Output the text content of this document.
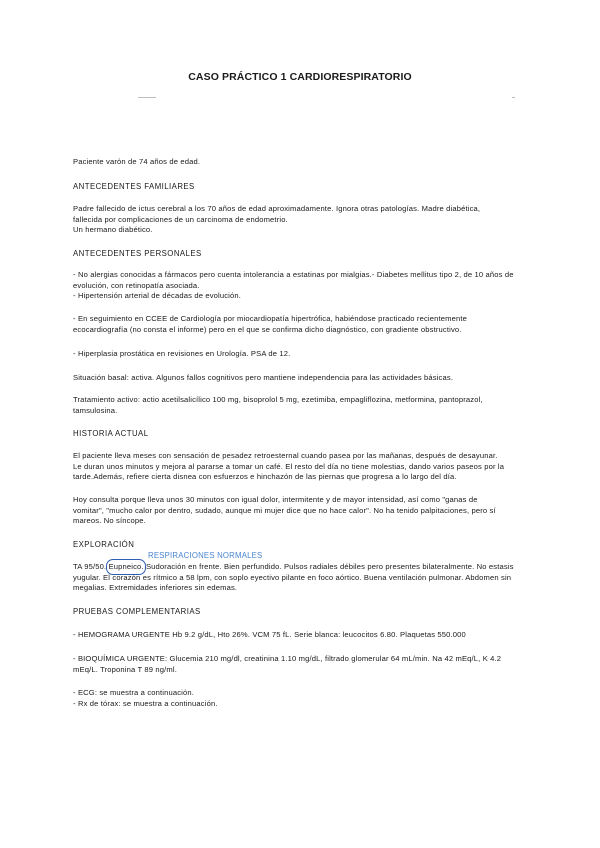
CASO PRÁCTICO 1 CARDIORESPIRATORIO
Paciente varón de 74 años de edad.
ANTECEDENTES FAMILIARES
Padre fallecido de ictus cerebral a los 70 años de edad aproximadamente. Ignora otras patologías. Madre diabética,
fallecida por complicaciones de un carcinoma de endometrio.
Un hermano diabético.
ANTECEDENTES PERSONALES
- No alergias conocidas a fármacos pero cuenta intolerancia a estatinas por mialgias.- Diabetes mellitus tipo 2, de 10 años de
evolución, con retinopatía asociada.
- Hipertensión arterial de décadas de evolución.
- En seguimiento en CCEE de Cardiología por miocardiopatía hipertrófica, habiéndose practicado recientemente
ecocardiografía (no consta el informe) pero en el que se confirma dicho diagnóstico, con gradiente obstructivo.
- Hiperplasia prostática en revisiones en Urología. PSA de 12.
Situación basal: activa. Algunos fallos cognitivos pero mantiene independencia para las actividades básicas.
Tratamiento activo: actio acetilsalicílico 100 mg, bisoprolol 5 mg, ezetimiba, empagliflozina, metformina, pantoprazol,
tamsulosina.
HISTORIA ACTUAL
El paciente lleva meses con sensación de pesadez retroesternal cuando pasea por las mañanas, después de desayunar.
Le duran unos minutos y mejora al pararse a tomar un café. El resto del día no tiene molestias, dando varios paseos por la
tarde.Además, refiere cierta disnea con esfuerzos e hinchazón de las piernas que progresa a lo largo del día.
Hoy consulta porque lleva unos 30 minutos con igual dolor, intermitente y de mayor intensidad, así como "ganas de
vomitar", "mucho calor por dentro, sudado, aunque mi mujer dice que no hace calor". No ha tenido palpitaciones, pero sí
mareos. No síncope.
EXPLORACIÓN
RESPIRACIONES NORMALES
TA 95/50. Eupneico. Sudoración en frente. Bien perfundido. Pulsos radiales débiles pero presentes bilateralmente. No estasis
yugular. El corazón es rítmico a 58 lpm, con soplo eyectivo pilante en foco aórtico. Buena ventilación pulmonar. Abdomen sin
megalias. Extremidades inferiores sin edemas.
PRUEBAS COMPLEMENTARIAS
- HEMOGRAMA URGENTE Hb 9.2 g/dL, Hto 26%. VCM 75 fL. Serie blanca: leucocitos 6.80. Plaquetas 550.000
- BIOQUÍMICA URGENTE: Glucemia 210 mg/dl, creatinina 1.10 mg/dL, filtrado glomerular 64 mL/min. Na 42 mEq/L, K 4.2
mEq/L. Troponina T 89 ng/ml.
- ECG: se muestra a continuación.
- Rx de tórax: se muestra a continuación.
